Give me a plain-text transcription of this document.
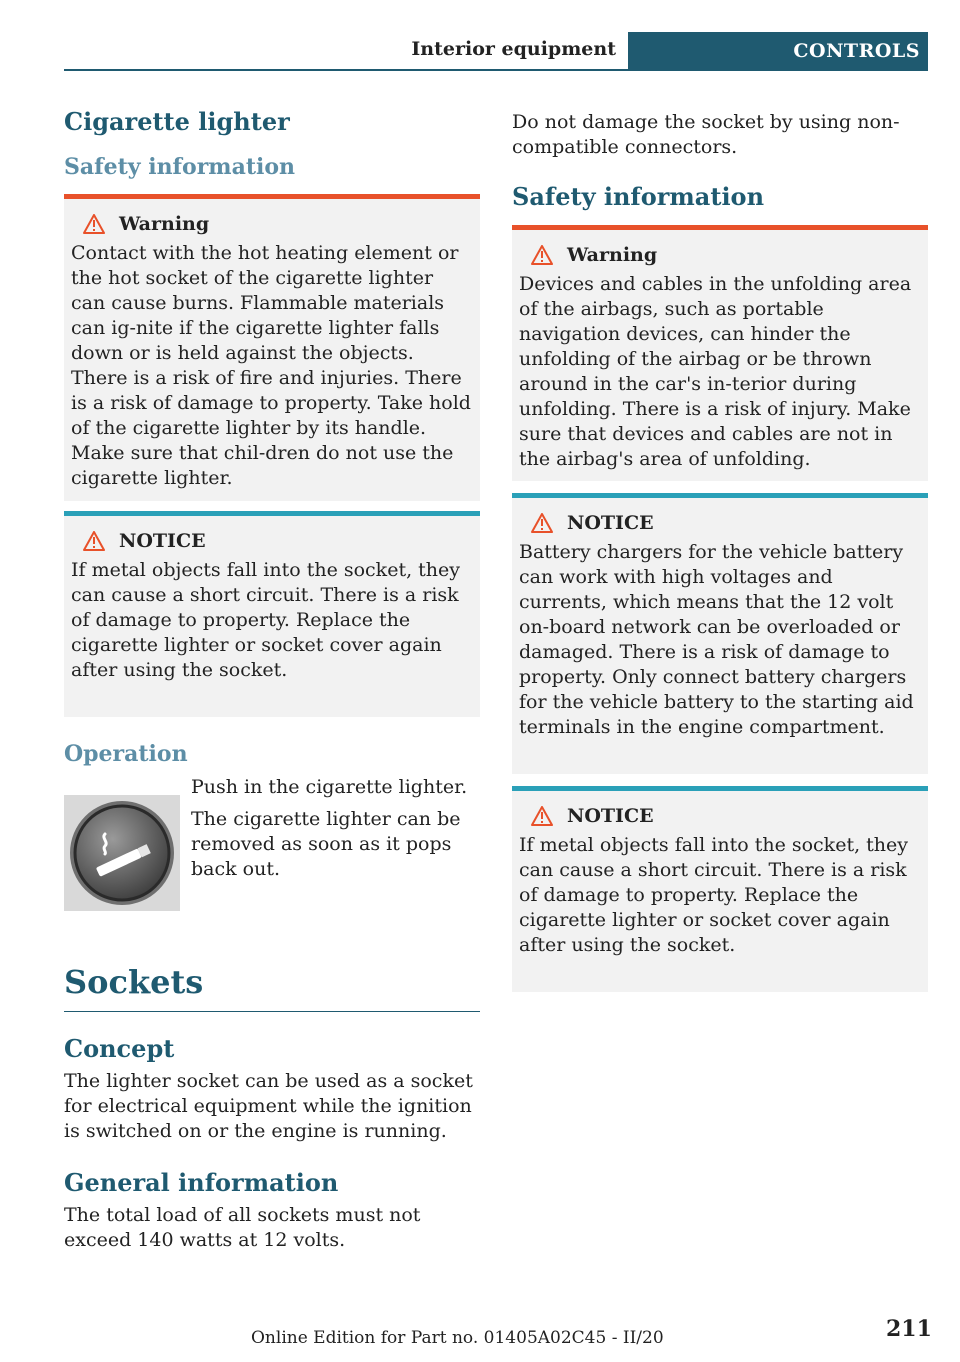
Interior equipment	CONTROLS
Cigarette lighter
Safety information
Warning

Contact with the hot heating element or the hot socket of the cigarette lighter can cause burns. Flammable materials can ig-nite if the cigarette lighter falls down or is held against the objects. There is a risk of fire and injuries. There is a risk of damage to property. Take hold of the cigarette lighter by its handle. Make sure that chil-dren do not use the cigarette lighter.

NOTICE

If metal objects fall into the socket, they can cause a short circuit. There is a risk of damage to property. Replace the cigarette lighter or socket cover again after using the socket.

Operation

Push in the cigarette lighter.

The cigarette lighter can be removed as soon as it pops back out.

Sockets
Concept

The lighter socket can be used as a socket for electrical equipment while the ignition is switched on or the engine is running.

General information

The total load of all sockets must not exceed 140 watts at 12 volts.

Do not damage the socket by using non-compatible connectors.

Safety information
Warning

Devices and cables in the unfolding area of the airbags, such as portable navigation devices, can hinder the unfolding of the airbag or be thrown around in the car's in-terior during unfolding. There is a risk of injury. Make sure that devices and cables are not in the airbag's area of unfolding.

NOTICE

Battery chargers for the vehicle battery can work with high voltages and currents, which means that the 12 volt on-board network can be overloaded or damaged. There is a risk of damage to property. Only connect battery chargers for the vehicle battery to the starting aid terminals in the engine compartment.

NOTICE

If metal objects fall into the socket, they can cause a short circuit. There is a risk of damage to property. Replace the cigarette lighter or socket cover again after using the socket.

Online Edition for Part no. 01405A02C45 - II/20	211
